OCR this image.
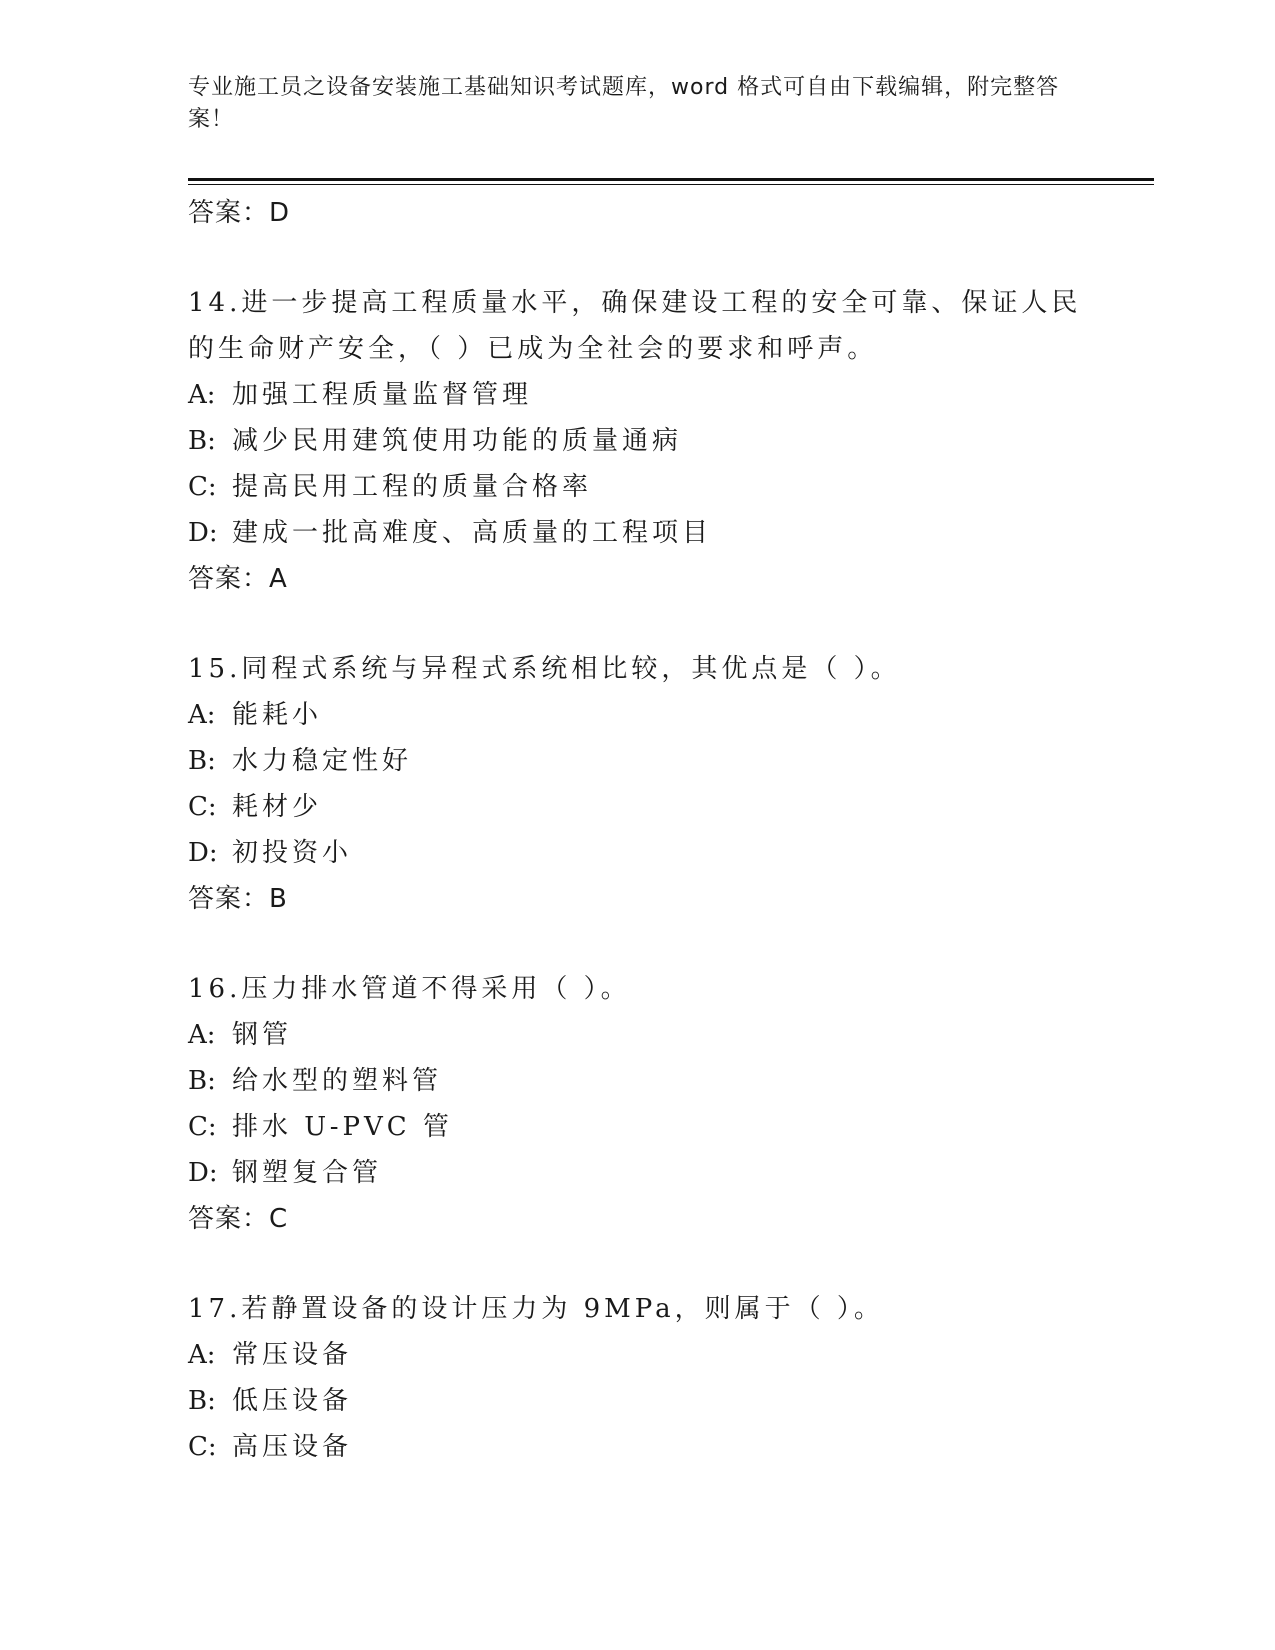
专业施工员之设备安装施工基础知识考试题库，word 格式可自由下载编辑，附完整答案！

答案：D

14.进一步提高工程质量水平，确保建设工程的安全可靠、保证人民的生命财产安全，（ ）已成为全社会的要求和呼声。

A: 加强工程质量监督管理

B: 减少民用建筑使用功能的质量通病

C: 提高民用工程的质量合格率

D: 建成一批高难度、高质量的工程项目

答案：A

15.同程式系统与异程式系统相比较，其优点是（ ）。

A: 能耗小

B: 水力稳定性好

C: 耗材少

D: 初投资小

答案：B

16.压力排水管道不得采用（ ）。

A: 钢管

B: 给水型的塑料管

C: 排水 U-PVC 管

D: 钢塑复合管

答案：C

17.若静置设备的设计压力为 9MPa，则属于（ ）。

A: 常压设备

B: 低压设备

C: 高压设备
